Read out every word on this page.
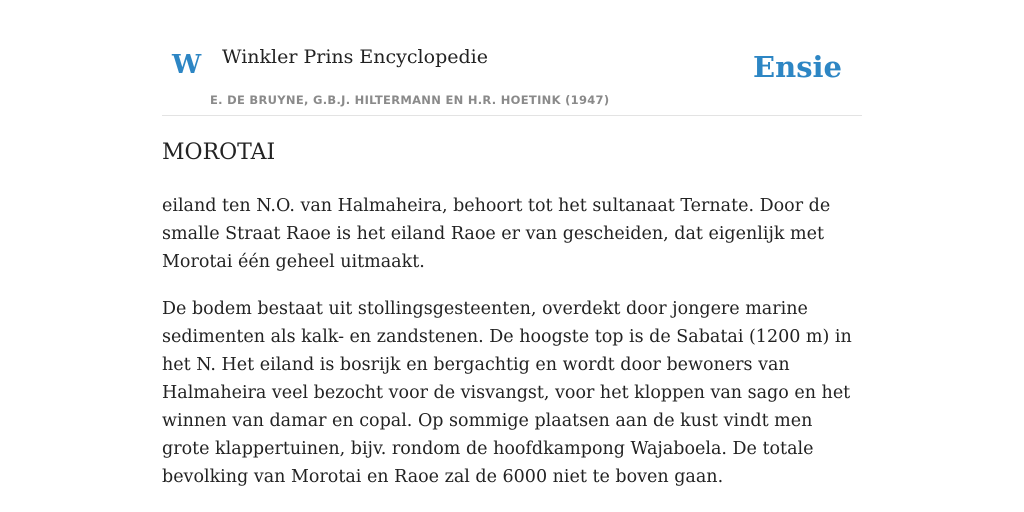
W Winkler Prins Encyclopedie
E. DE BRUYNE, G.B.J. HILTERMANN EN H.R. HOETINK (1947)
Ensie
MOROTAI

eiland ten N.O. van Halmaheira, behoort tot het sultanaat Ternate. Door de smalle Straat Raoe is het eiland Raoe er van gescheiden, dat eigenlijk met Morotai één geheel uitmaakt.

De bodem bestaat uit stollingsgesteenten, overdekt door jongere marine sedimenten als kalk- en zandstenen. De hoogste top is de Sabatai (1200 m) in het N. Het eiland is bosrijk en bergachtig en wordt door bewoners van Halmaheira veel bezocht voor de visvangst, voor het kloppen van sago en het winnen van damar en copal. Op sommige plaatsen aan de kust vindt men grote klappertuinen, bijv. rondom de hoofdkampong Wajaboela. De totale bevolking van Morotai en Raoe zal de 6000 niet te boven gaan.
